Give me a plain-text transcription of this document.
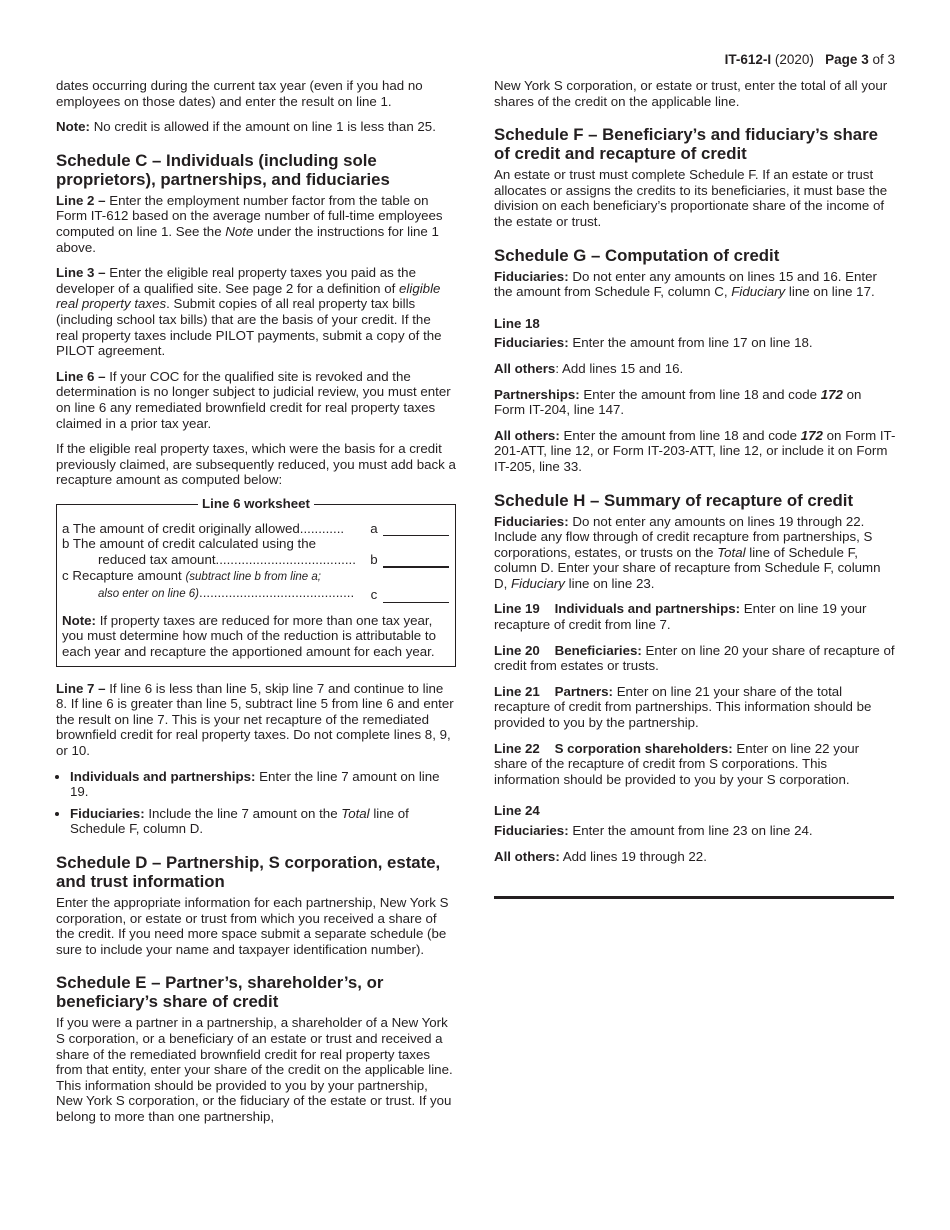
IT-612-I (2020) Page 3 of 3

dates occurring during the current tax year (even if you had no employees on those dates) and enter the result on line 1.

Note: No credit is allowed if the amount on line 1 is less than 25.

Schedule C – Individuals (including sole proprietors), partnerships, and fiduciaries

Line 2 – Enter the employment number factor from the table on Form IT-612 based on the average number of full-time employees computed on line 1. See the Note under the instructions for line 1 above.

Line 3 – Enter the eligible real property taxes you paid as the developer of a qualified site. See page 2 for a definition of eligible real property taxes. Submit copies of all real property tax bills (including school tax bills) that are the basis of your credit. If the real property taxes include PILOT payments, submit a copy of the PILOT agreement.

Line 6 – If your COC for the qualified site is revoked and the determination is no longer subject to judicial review, you must enter on line 6 any remediated brownfield credit for real property taxes claimed in a prior tax year.

If the eligible real property taxes, which were the basis for a credit previously claimed, are subsequently reduced, you must add back a recapture amount as computed below:

Line 6 worksheet
a The amount of credit originally allowed............	a
b The amount of credit calculated using the
reduced tax amount......................................	b
c Recapture amount (subtract line b from line a;
also enter on line 6)..........................................	c
Note: If property taxes are reduced for more than one tax year, you must determine how much of the reduction is attributable to each year and recapture the apportioned amount for each year.

Line 7 – If line 6 is less than line 5, skip line 7 and continue to line 8. If line 6 is greater than line 5, subtract line 5 from line 6 and enter the result on line 7. This is your net recapture of the remediated brownfield credit for real property taxes. Do not complete lines 8, 9, or 10.

• Individuals and partnerships: Enter the line 7 amount on line 19.
• Fiduciaries: Include the line 7 amount on the Total line of Schedule F, column D.
Schedule D – Partnership, S corporation, estate, and trust information

Enter the appropriate information for each partnership, New York S corporation, or estate or trust from which you received a share of the credit. If you need more space submit a separate schedule (be sure to include your name and taxpayer identification number).

Schedule E – Partner’s, shareholder’s, or beneficiary’s share of credit

If you were a partner in a partnership, a shareholder of a New York S corporation, or a beneficiary of an estate or trust and received a share of the remediated brownfield credit for real property taxes from that entity, enter your share of the credit on the applicable line. This information should be provided to you by your partnership, New York S corporation, or the fiduciary of the estate or trust. If you belong to more than one partnership,

New York S corporation, or estate or trust, enter the total of all your shares of the credit on the applicable line.

Schedule F – Beneficiary’s and fiduciary’s share of credit and recapture of credit

An estate or trust must complete Schedule F. If an estate or trust allocates or assigns the credits to its beneficiaries, it must base the division on each beneficiary’s proportionate share of the income of the estate or trust.

Schedule G – Computation of credit

Fiduciaries: Do not enter any amounts on lines 15 and 16. Enter the amount from Schedule F, column C, Fiduciary line on line 17.

Line 18

Fiduciaries: Enter the amount from line 17 on line 18.

All others: Add lines 15 and 16.

Partnerships: Enter the amount from line 18 and code 172 on Form IT-204, line 147.

All others: Enter the amount from line 18 and code 172 on Form IT-201-ATT, line 12, or Form IT-203-ATT, line 12, or include it on Form IT-205, line 33.

Schedule H – Summary of recapture of credit

Fiduciaries: Do not enter any amounts on lines 19 through 22. Include any flow through of credit recapture from partnerships, S corporations, estates, or trusts on the Total line of Schedule F, column D. Enter your share of recapture from Schedule F, column D, Fiduciary line on line 23.

Line 19    Individuals and partnerships: Enter on line 19 your recapture of credit from line 7.

Line 20    Beneficiaries: Enter on line 20 your share of recapture of credit from estates or trusts.

Line 21    Partners: Enter on line 21 your share of the total recapture of credit from partnerships. This information should be provided to you by the partnership.

Line 22    S corporation shareholders: Enter on line 22 your share of the recapture of credit from S corporations. This information should be provided to you by your S corporation.

Line 24

Fiduciaries: Enter the amount from line 23 on line 24.

All others: Add lines 19 through 22.
